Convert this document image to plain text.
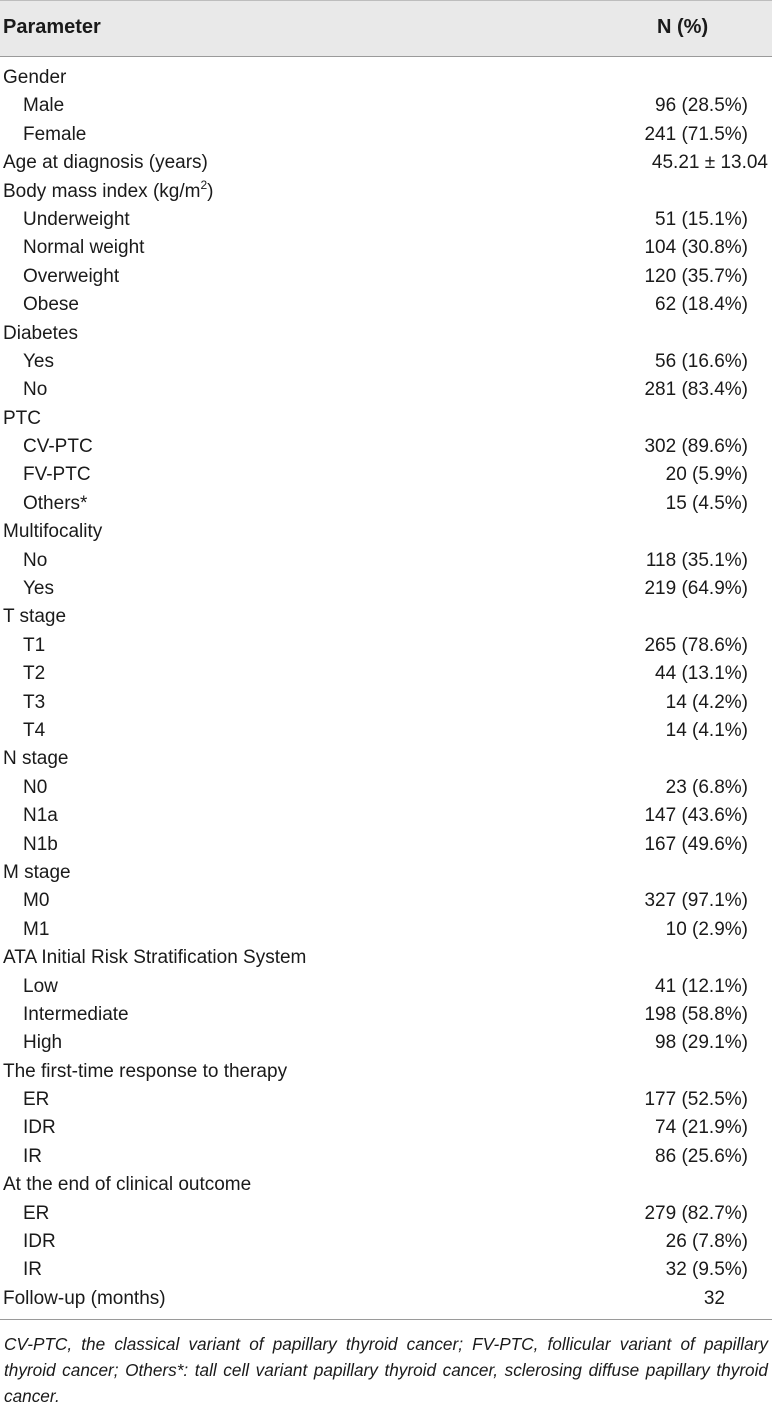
Parameter	N (%)
Gender
Male	96 (28.5%)
Female	241 (71.5%)
Age at diagnosis (years)	45.21 ± 13.04
Body mass index $(kg/m^2)$
Underweight	51 (15.1%)
Normal weight	104 (30.8%)
Overweight	120 (35.7%)
Obese	62 (18.4%)
Diabetes
Yes	56 (16.6%)
No	281 (83.4%)
PTC
CV-PTC	302 (89.6%)
FV-PTC	20 (5.9%)
Others*	15 (4.5%)
Multifocality
No	118 (35.1%)
Yes	219 (64.9%)
T stage
T1	265 (78.6%)
T2	44 (13.1%)
T3	14 (4.2%)
T4	14 (4.1%)
N stage
N0	23 (6.8%)
N1a	147 (43.6%)
N1b	167 (49.6%)
M stage
M0	327 (97.1%)
M1	10 (2.9%)
ATA Initial Risk Stratification System
Low	41 (12.1%)
Intermediate	198 (58.8%)
High	98 (29.1%)
The first-time response to therapy
ER	177 (52.5%)
IDR	74 (21.9%)
IR	86 (25.6%)
At the end of clinical outcome
ER	279 (82.7%)
IDR	26 (7.8%)
IR	32 (9.5%)
Follow-up (months)	32
CV-PTC, the classical variant of papillary thyroid cancer; FV-PTC, follicular variant of papillary thyroid cancer; Others*: tall cell variant papillary thyroid cancer, sclerosing diffuse papillary thyroid cancer.
